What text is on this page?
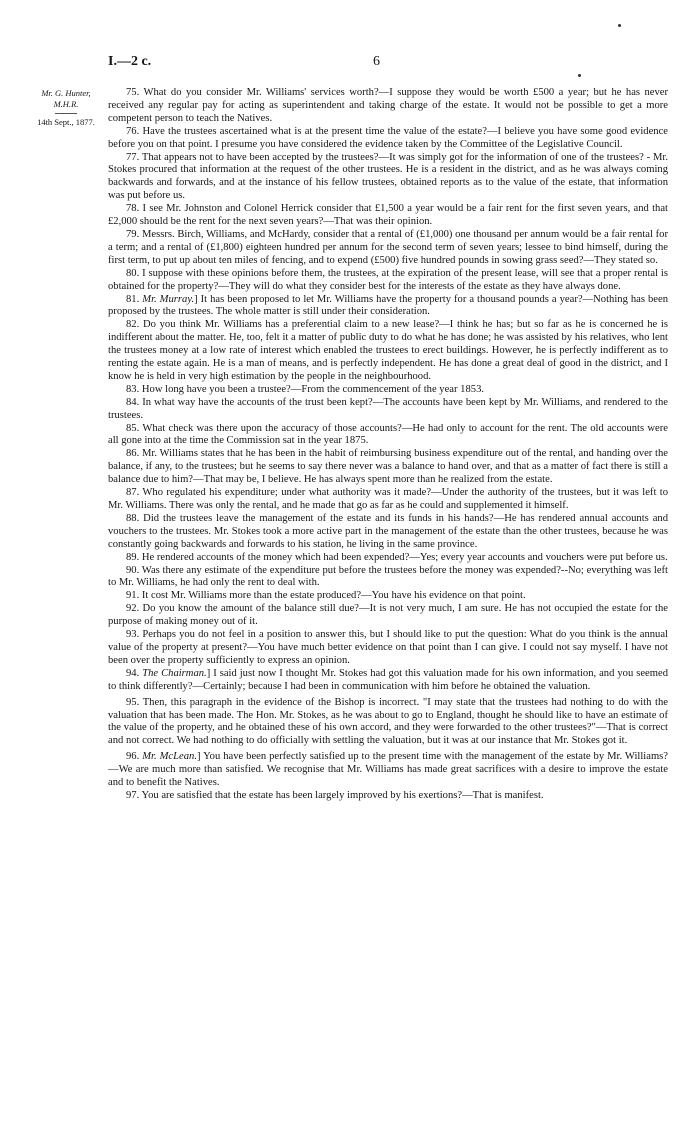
I.—2 c.	6
Mr. G. Hunter,
M.H.R.
14th Sept., 1877.

75. What do you consider Mr. Williams' services worth?—I suppose they would be worth £500 a year; but he has never received any regular pay for acting as superintendent and taking charge of the estate. It would not be possible to get a more competent person to teach the Natives.

76. Have the trustees ascertained what is at the present time the value of the estate?—I believe you have some good evidence before you on that point. I presume you have considered the evidence taken by the Committee of the Legislative Council.

77. That appears not to have been accepted by the trustees?—It was simply got for the information of one of the trustees? - Mr. Stokes procured that information at the request of the other trustees. He is a resident in the district, and as he was always coming backwards and forwards, and at the instance of his fellow trustees, obtained reports as to the value of the estate, that information was put before us.

78. I see Mr. Johnston and Colonel Herrick consider that £1,500 a year would be a fair rent for the first seven years, and that £2,000 should be the rent for the next seven years?—That was their opinion.

79. Messrs. Birch, Williams, and McHardy, consider that a rental of (£1,000) one thousand per annum would be a fair rental for a term; and a rental of (£1,800) eighteen hundred per annum for the second term of seven years; lessee to bind himself, during the first term, to put up about ten miles of fencing, and to expend (£500) five hundred pounds in sowing grass seed?—They stated so.

80. I suppose with these opinions before them, the trustees, at the expiration of the present lease, will see that a proper rental is obtained for the property?—They will do what they consider best for the interests of the estate as they have always done.

81. Mr. Murray.] It has been proposed to let Mr. Williams have the property for a thousand pounds a year?—Nothing has been proposed by the trustees. The whole matter is still under their consideration.

82. Do you think Mr. Williams has a preferential claim to a new lease?—I think he has; but so far as he is concerned he is indifferent about the matter. He, too, felt it a matter of public duty to do what he has done; he was assisted by his relatives, who lent the trustees money at a low rate of interest which enabled the trustees to erect buildings. However, he is perfectly indifferent as to renting the estate again. He is a man of means, and is perfectly independent. He has done a great deal of good in the district, and I know he is held in very high estimation by the people in the neighbourhood.

83. How long have you been a trustee?—From the commencement of the year 1853.

84. In what way have the accounts of the trust been kept?—The accounts have been kept by Mr. Williams, and rendered to the trustees.

85. What check was there upon the accuracy of those accounts?—He had only to account for the rent. The old accounts were all gone into at the time the Commission sat in the year 1875.

86. Mr. Williams states that he has been in the habit of reimbursing business expenditure out of the rental, and handing over the balance, if any, to the trustees; but he seems to say there never was a balance to hand over, and that as a matter of fact there is still a balance due to him?—That may be, I believe. He has always spent more than he realized from the estate.

87. Who regulated his expenditure; under what authority was it made?—Under the authority of the trustees, but it was left to Mr. Williams. There was only the rental, and he made that go as far as he could and supplemented it himself.

88. Did the trustees leave the management of the estate and its funds in his hands?—He has rendered annual accounts and vouchers to the trustees. Mr. Stokes took a more active part in the management of the estate than the other trustees, because he was constantly going backwards and forwards to his station, he living in the same province.

89. He rendered accounts of the money which had been expended?—Yes; every year accounts and vouchers were put before us.

90. Was there any estimate of the expenditure put before the trustees before the money was expended?--No; everything was left to Mr. Williams, he had only the rent to deal with.

91. It cost Mr. Williams more than the estate produced?—You have his evidence on that point.

92. Do you know the amount of the balance still due?—It is not very much, I am sure. He has not occupied the estate for the purpose of making money out of it.

93. Perhaps you do not feel in a position to answer this, but I should like to put the question: What do you think is the annual value of the property at present?—You have much better evidence on that point than I can give. I could not say myself. I have not been over the property sufficiently to express an opinion.

94. The Chairman.] I said just now I thought Mr. Stokes had got this valuation made for his own information, and you seemed to think differently?—Certainly; because I had been in communication with him before he obtained the valuation.

95. Then, this paragraph in the evidence of the Bishop is incorrect. "I may state that the trustees had nothing to do with the valuation that has been made. The Hon. Mr. Stokes, as he was about to go to England, thought he should like to have an estimate of the value of the property, and he obtained these of his own accord, and they were forwarded to the other trustees?"—That is correct and not correct. We had nothing to do officially with settling the valuation, but it was at our instance that Mr. Stokes got it.

96. Mr. McLean.] You have been perfectly satisfied up to the present time with the management of the estate by Mr. Williams?—We are much more than satisfied. We recognise that Mr. Williams has made great sacrifices with a desire to improve the estate and to benefit the Natives.

97. You are satisfied that the estate has been largely improved by his exertions?—That is manifest.
